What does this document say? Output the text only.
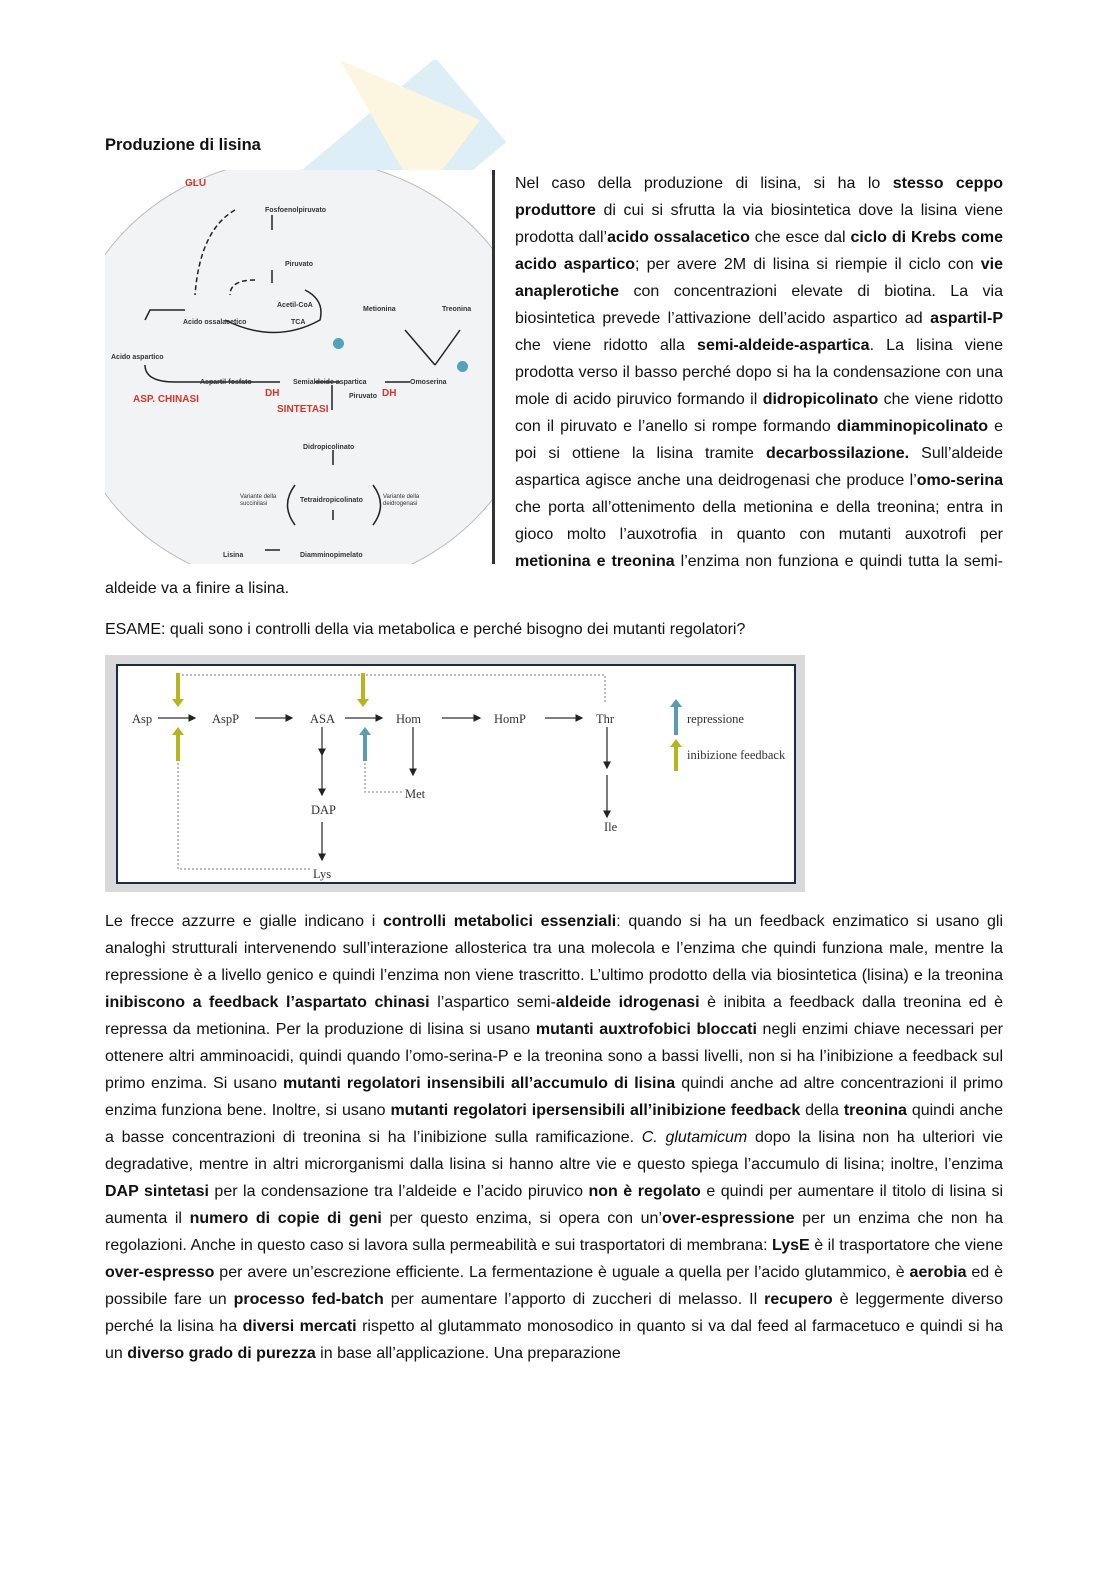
Produzione di lisina
GLU
Fosfoenolpiruvato
Piruvato
Acetil-CoA
TCA
Metionina	Treonina
Acido ossalacetico
Acido aspartico
Aspartil-fosfato	Semialdeide aspartica	Omoserina
ASP. CHINASI
DH	DH
Piruvato
SINTETASI
Didropicolinato
Tetraidropicolinato
Variante della succinilasi
Variante della deidrogenasi
Diamminopimelato
Lisina

Nel caso della produzione di lisina, si ha lo stesso ceppo produttore di cui si sfrutta la via biosintetica dove la lisina viene prodotta dall’acido ossalacetico che esce dal ciclo di Krebs come acido aspartico; per avere 2M di lisina si riempie il ciclo con vie anaplerotiche con concentrazioni elevate di biotina. La via biosintetica prevede l’attivazione dell’acido aspartico ad aspartil-P che viene ridotto alla semi-aldeide-aspartica. La lisina viene prodotta verso il basso perché dopo si ha la condensazione con una mole di acido piruvico formando il didropicolinato che viene ridotto con il piruvato e l’anello si rompe formando diamminopicolinato e poi si ottiene la lisina tramite decarbossilazione. Sull’aldeide aspartica agisce anche una deidrogenasi che produce l’omo-serina che porta all’ottenimento della metionina e della treonina; entra in gioco molto l’auxotrofia in quanto con mutanti auxotrofi per metionina e treonina l’enzima non funziona e quindi tutta la semi-aldeide va a finire a lisina.

ESAME: quali sono i controlli della via metabolica e perché bisogno dei mutanti regolatori?

Asp	AspP	ASA	Hom	HomP	Thr
DAP
Met
Ile
Lys
repressione
inibizione feedback

Le frecce azzurre e gialle indicano i controlli metabolici essenziali: quando si ha un feedback enzimatico si usano gli analoghi strutturali intervenendo sull’interazione allosterica tra una molecola e l’enzima che quindi funziona male, mentre la repressione è a livello genico e quindi l’enzima non viene trascritto. L’ultimo prodotto della via biosintetica (lisina) e la treonina inibiscono a feedback l’aspartato chinasi l’aspartico semi-aldeide idrogenasi è inibita a feedback dalla treonina ed è repressa da metionina. Per la produzione di lisina si usano mutanti auxtrofobici bloccati negli enzimi chiave necessari per ottenere altri amminoacidi, quindi quando l’omo-serina-P e la treonina sono a bassi livelli, non si ha l’inibizione a feedback sul primo enzima. Si usano mutanti regolatori insensibili all’accumulo di lisina quindi anche ad altre concentrazioni il primo enzima funziona bene. Inoltre, si usano mutanti regolatori ipersensibili all’inibizione feedback della treonina quindi anche a basse concentrazioni di treonina si ha l’inibizione sulla ramificazione. C. glutamicum dopo la lisina non ha ulteriori vie degradative, mentre in altri microrganismi dalla lisina si hanno altre vie e questo spiega l’accumulo di lisina; inoltre, l’enzima DAP sintetasi per la condensazione tra l’aldeide e l’acido piruvico non è regolato e quindi per aumentare il titolo di lisina si aumenta il numero di copie di geni per questo enzima, si opera con un’over-espressione per un enzima che non ha regolazioni. Anche in questo caso si lavora sulla permeabilità e sui trasportatori di membrana: LysE è il trasportatore che viene over-espresso per avere un’escrezione efficiente. La fermentazione è uguale a quella per l’acido glutammico, è aerobia ed è possibile fare un processo fed-batch per aumentare l’apporto di zuccheri di melasso. Il recupero è leggermente diverso perché la lisina ha diversi mercati rispetto al glutammato monosodico in quanto si va dal feed al farmacetuco e quindi si ha un diverso grado di purezza in base all’applicazione. Una preparazione
